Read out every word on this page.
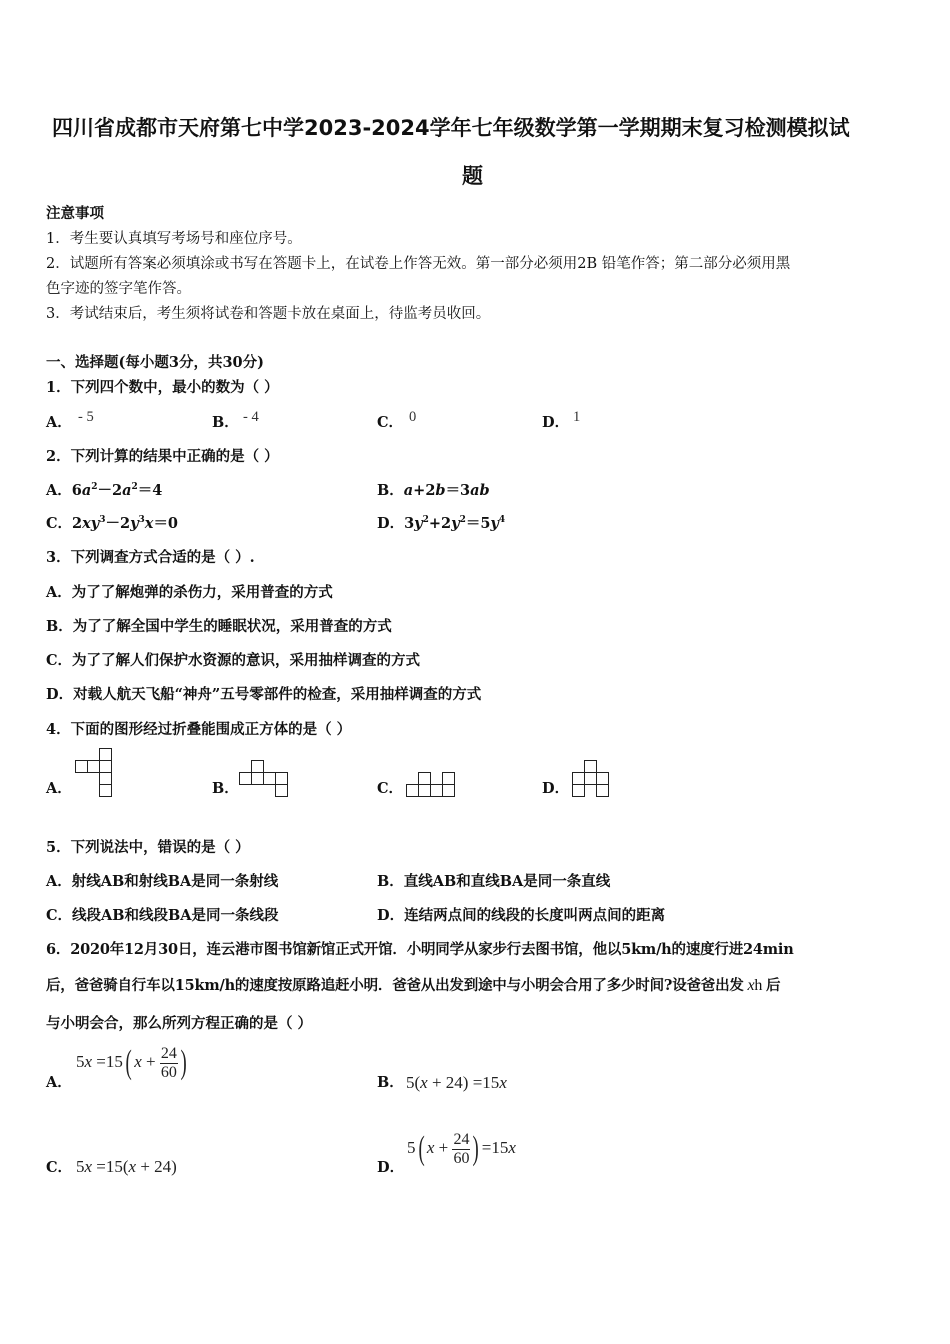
四川省成都市天府第七中学2023-2024学年七年级数学第一学期期末复习检测模拟试
题
注意事项
1．考生要认真填写考场号和座位序号。
2．试题所有答案必须填涂或书写在答题卡上，在试卷上作答无效。第一部分必须用2B 铅笔作答；第二部分必须用黑
色字迹的签字笔作答。
3．考试结束后，考生须将试卷和答题卡放在桌面上，待监考员收回。
一、选择题(每小题3分，共30分)
1．下列四个数中，最小的数为（ ）
A． - 5	B． - 4	C． 0	D． 1
2．下列计算的结果中正确的是（ ）
A．$6a^2-2a^2=4$	B．a+2b＝3ab
C．$2xy^3-2y^3x=0$	D．$3y^2+2y^2=5y^4$
3．下列调查方式合适的是（ ）.
A．为了了解炮弹的杀伤力，采用普查的方式
B．为了了解全国中学生的睡眠状况，采用普查的方式
C．为了了解人们保护水资源的意识，采用抽样调查的方式
D．对载人航天飞船“神舟”五号零部件的检查，采用抽样调查的方式
4．下面的图形经过折叠能围成正方体的是（ ）
A．	B．	C．	D．
5．下列说法中，错误的是（ ）
A．射线AB和射线BA是同一条射线	B．直线AB和直线BA是同一条直线
C．线段AB和线段BA是同一条线段	D．连结两点间的线段的长度叫两点间的距离
6．2020年12月30日，连云港市图书馆新馆正式开馆．小明同学从家步行去图书馆，他以5km/h的速度行进24min
后，爸爸骑自行车以15km/h的速度按原路追赶小明．爸爸从出发到途中与小明会合用了多少时间?设爸爸出发 xh 后
与小明会合，那么所列方程正确的是（ ）
A．
5x =15( $x + \frac{24}{60}$ )
B． 5(x + 24) =15x
C． 5x =15(x + 24)	D．
5( $x + \frac{24}{60}$ ) =15x
